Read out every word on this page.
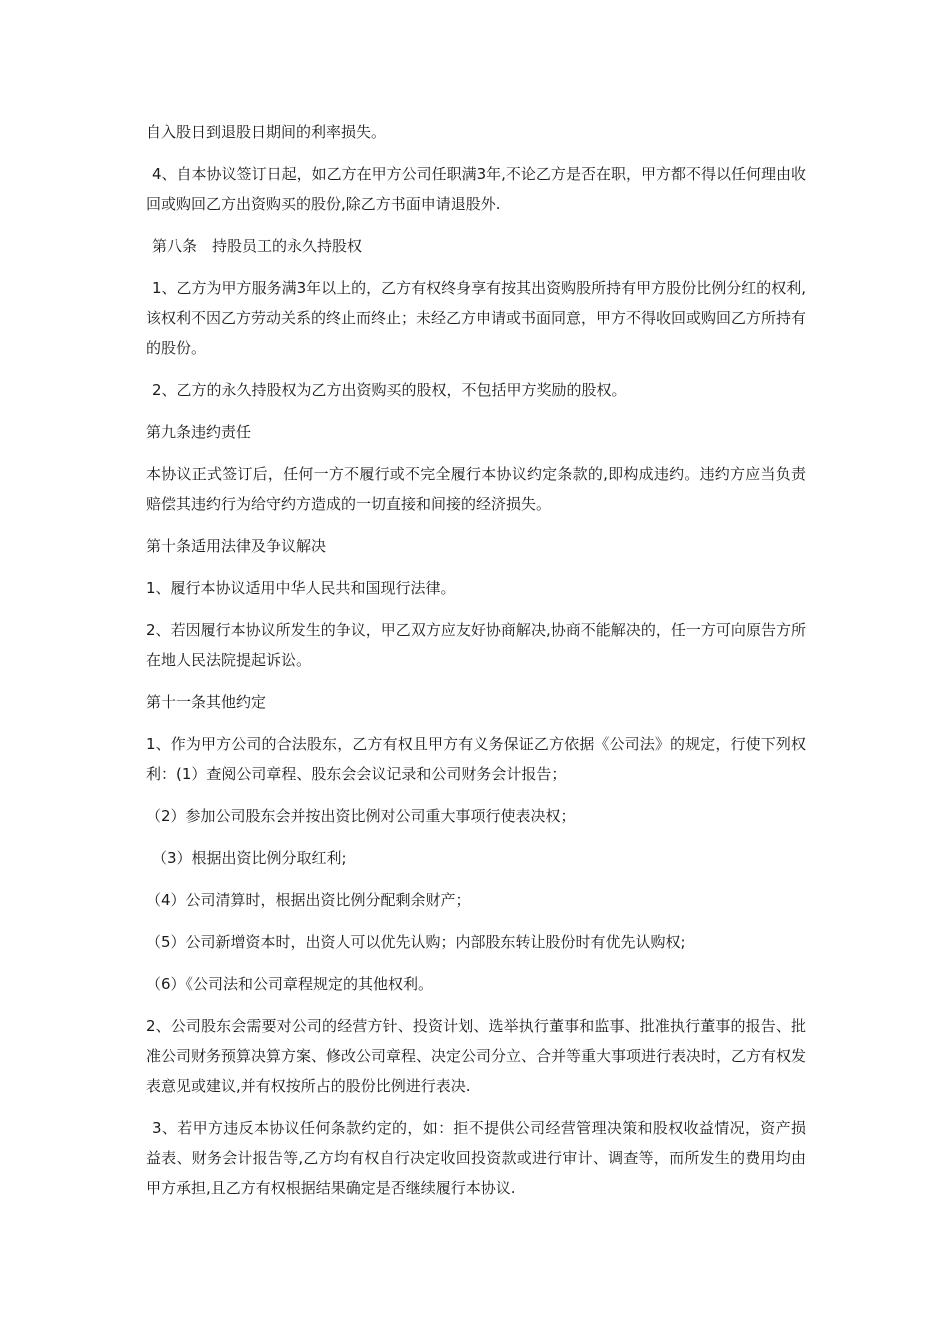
自入股日到退股日期间的利率损失。

4、自本协议签订日起，如乙方在甲方公司任职满3年,不论乙方是否在职，甲方都不得以任何理由收回或购回乙方出资购买的股份,除乙方书面申请退股外.

第八条　持股员工的永久持股权

1、乙方为甲方服务满3年以上的，乙方有权终身享有按其出资购股所持有甲方股份比例分红的权利,该权利不因乙方劳动关系的终止而终止；未经乙方申请或书面同意，甲方不得收回或购回乙方所持有的股份。

2、乙方的永久持股权为乙方出资购买的股权，不包括甲方奖励的股权。

第九条违约责任

本协议正式签订后，任何一方不履行或不完全履行本协议约定条款的,即构成违约。违约方应当负责赔偿其违约行为给守约方造成的一切直接和间接的经济损失。

第十条适用法律及争议解决

1、履行本协议适用中华人民共和国现行法律。

2、若因履行本协议所发生的争议，甲乙双方应友好协商解决,协商不能解决的，任一方可向原告方所在地人民法院提起诉讼。

第十一条其他约定

1、作为甲方公司的合法股东，乙方有权且甲方有义务保证乙方依据《公司法》的规定，行使下列权利：(1）查阅公司章程、股东会会议记录和公司财务会计报告；

（2）参加公司股东会并按出资比例对公司重大事项行使表决权；

（3）根据出资比例分取红利;

（4）公司清算时，根据出资比例分配剩余财产；

（5）公司新增资本时，出资人可以优先认购；内部股东转让股份时有优先认购权;

（6）《公司法和公司章程规定的其他权利。

2、公司股东会需要对公司的经营方针、投资计划、选举执行董事和监事、批准执行董事的报告、批准公司财务预算决算方案、修改公司章程、决定公司分立、合并等重大事项进行表决时，乙方有权发表意见或建议,并有权按所占的股份比例进行表决.

3、若甲方违反本协议任何条款约定的，如：拒不提供公司经营管理决策和股权收益情况，资产损益表、财务会计报告等,乙方均有权自行决定收回投资款或进行审计、调查等，而所发生的费用均由甲方承担,且乙方有权根据结果确定是否继续履行本协议.
